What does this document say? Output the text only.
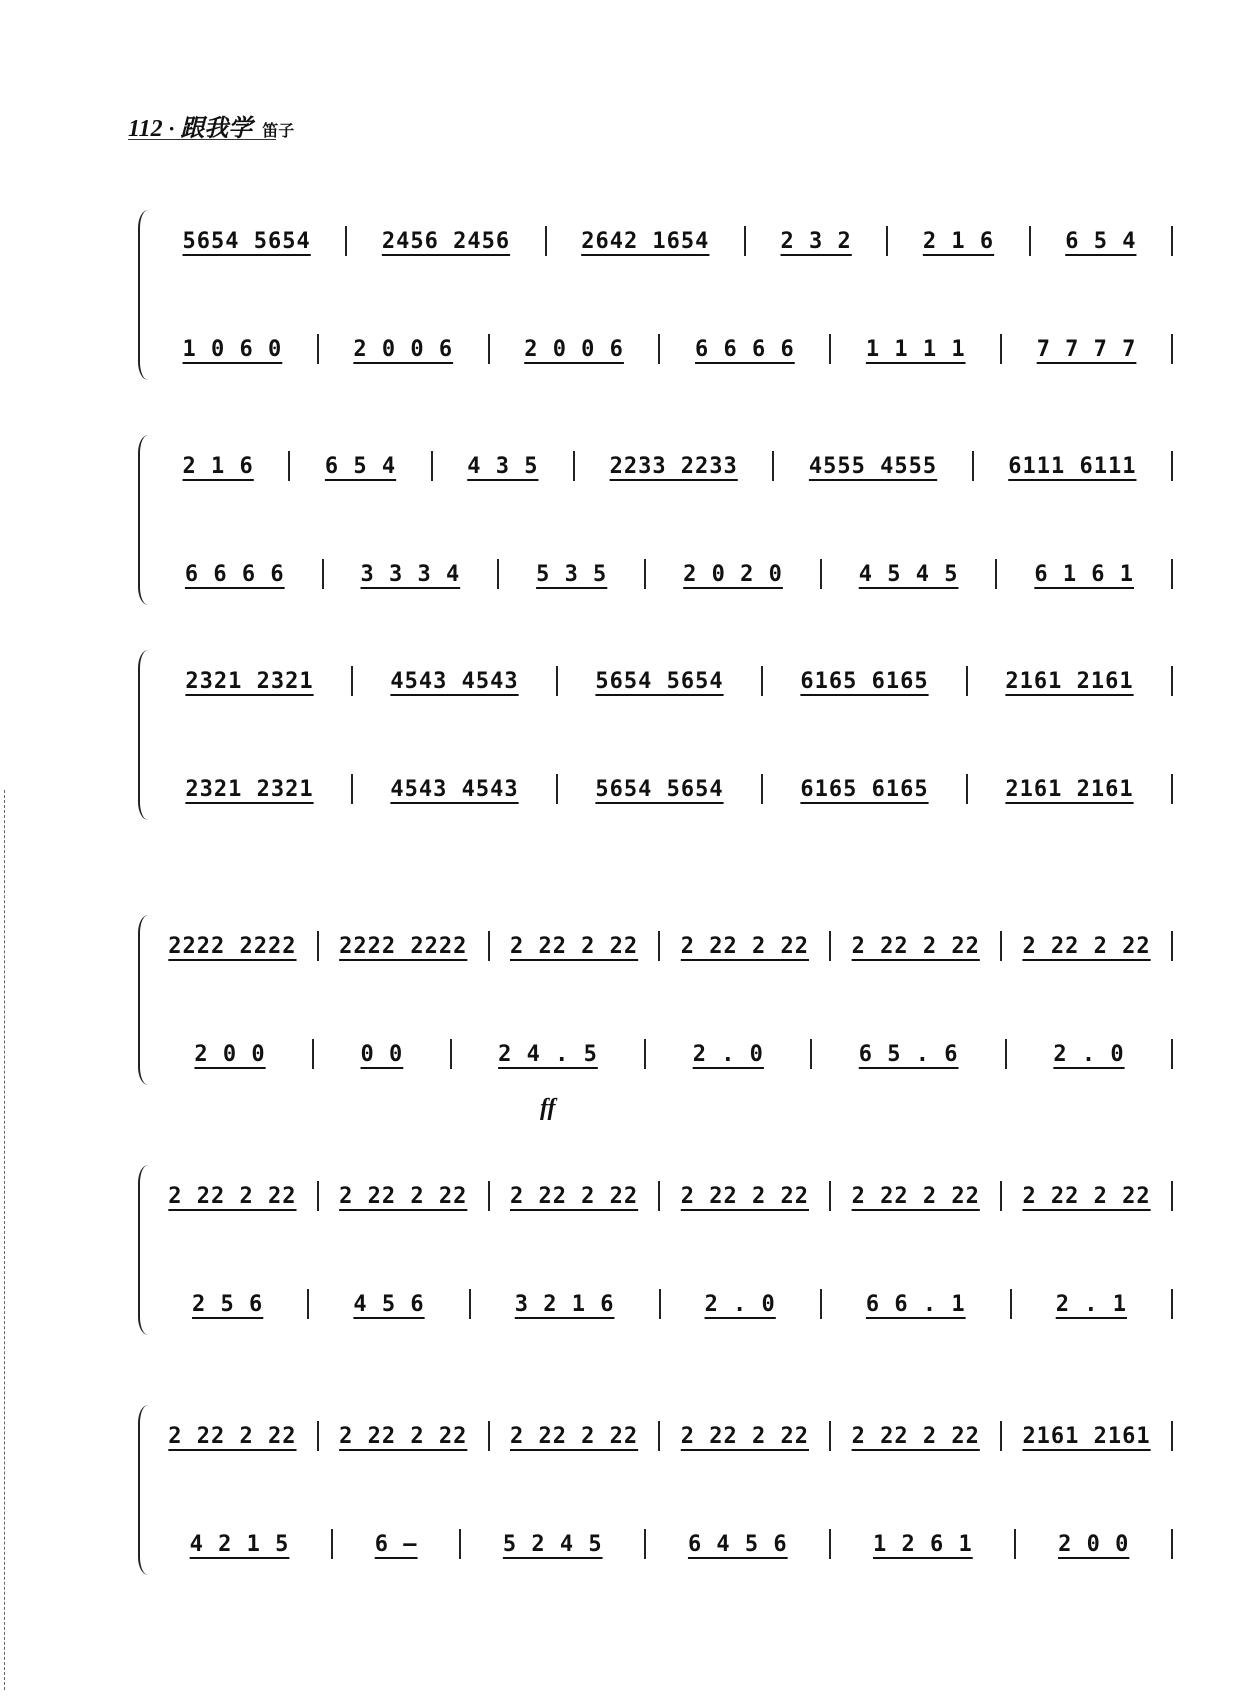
112 · 跟我学 笛子
5654 5654	2456 2456	2642 1654	2 3 2	2 1 6	6 5 4
1 0 6 0	2 0 0 6	2 0 0 6	6 6 6 6	1 1 1 1	7 7 7 7
2 1 6	6 5 4	4 3 5	2233 2233	4555 4555	6111 6111
6 6 6 6	3 3 3 4	5 3 5	2 0 2 0	4 5 4 5	6 1 6 1
2321 2321	4543 4543	5654 5654	6165 6165	2161 2161
2321 2321	4543 4543	5654 5654	6165 6165	2161 2161
2222 2222	2222 2222	2 22 2 22	2 22 2 22	2 22 2 22	2 22 2 22
2 0 0	0 0	2 4 . 5	2 . 0	6 5 . 6	2 . 0
ff
2 22 2 22	2 22 2 22	2 22 2 22	2 22 2 22	2 22 2 22	2 22 2 22
2 5 6	4 5 6	3 2 1 6	2 . 0	6 6 . 1	2 . 1
2 22 2 22	2 22 2 22	2 22 2 22	2 22 2 22	2 22 2 22	2161 2161
4 2 1 5	6 –	5 2 4 5	6 4 5 6	1 2 6 1	2 0 0
